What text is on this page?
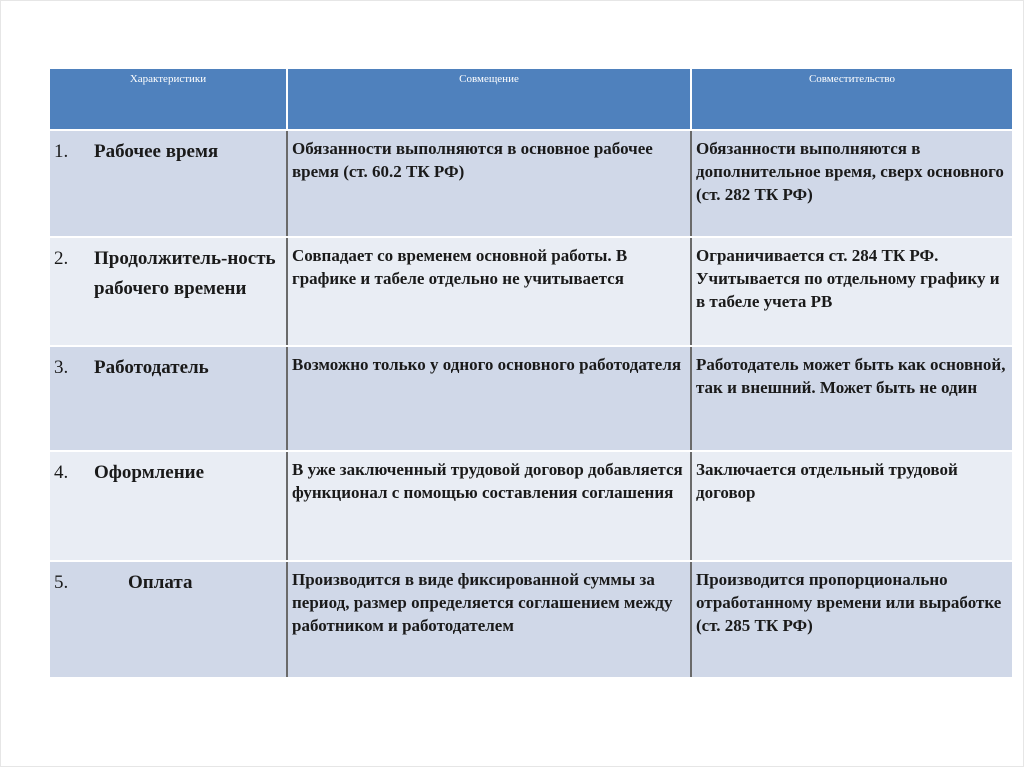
Характеристики	Совмещение	Совместительство

1. Рабочее время	Обязанности выполняются в основное рабочее время (ст. 60.2 ТК РФ)	Обязанности выполняются в дополнительное время, сверх основного (ст. 282 ТК РФ)

2. Продолжитель-ность рабочего времени	Совпадает со временем основной работы. В графике и табеле отдельно не учитывается	Ограничивается ст. 284 ТК РФ. Учитывается по отдельному графику и в табеле учета РВ

3. Работодатель	Возможно только у одного основного работодателя	Работодатель может быть как основной, так и внешний. Может быть не один

4. Оформление	В уже заключенный трудовой договор добавляется функционал с помощью составления соглашения	Заключается отдельный трудовой договор

5. Оплата	Производится в виде фиксированной суммы за период, размер определяется соглашением между работником и работодателем	Производится пропорционально отработанному времени или выработке (ст. 285 ТК РФ)
